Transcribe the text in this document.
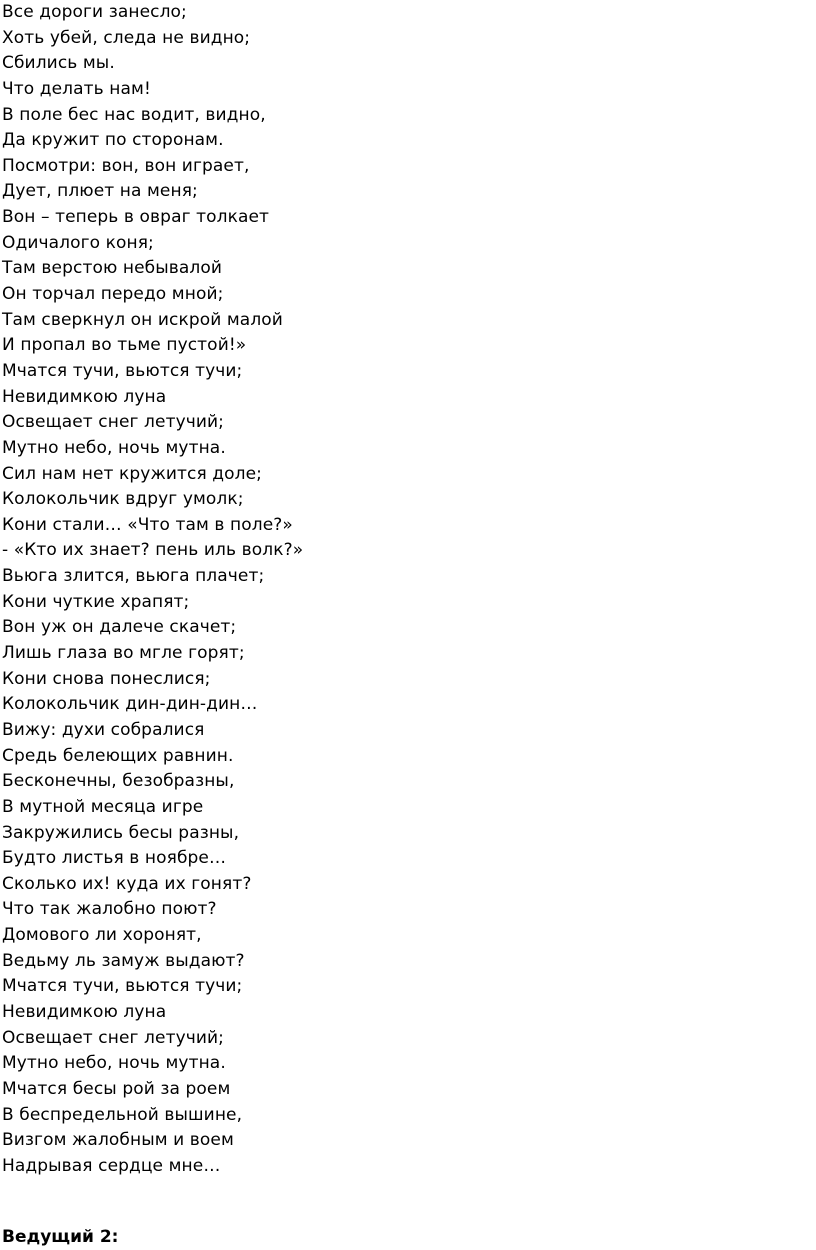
Все дороги занесло;
Хоть убей, следа не видно;
Сбились мы.
Что делать нам!
В поле бес нас водит, видно,
Да кружит по сторонам.
Посмотри: вон, вон играет,
Дует, плюет на меня;
Вон – теперь в овраг толкает
Одичалого коня;
Там верстою небывалой
Он торчал передо мной;
Там сверкнул он искрой малой
И пропал во тьме пустой!»
Мчатся тучи, вьются тучи;
Невидимкою луна
Освещает снег летучий;
Мутно небо, ночь мутна.
Сил нам нет кружится доле;
Колокольчик вдруг умолк;
Кони стали… «Что там в поле?»
- «Кто их знает? пень иль волк?»
Вьюга злится, вьюга плачет;
Кони чуткие храпят;
Вон уж он далече скачет;
Лишь глаза во мгле горят;
Кони снова понеслися;
Колокольчик дин-дин-дин…
Вижу: духи собралися
Средь белеющих равнин.
Бесконечны, безобразны,
В мутной месяца игре
Закружились бесы разны,
Будто листья в ноябре…
Сколько их! куда их гонят?
Что так жалобно поют?
Домового ли хоронят,
Ведьму ль замуж выдают?
Мчатся тучи, вьются тучи;
Невидимкою луна
Освещает снег летучий;
Мутно небо, ночь мутна.
Мчатся бесы рой за роем
В беспредельной вышине,
Визгом жалобным и воем
Надрывая сердце мне…
Ведущий 2:
